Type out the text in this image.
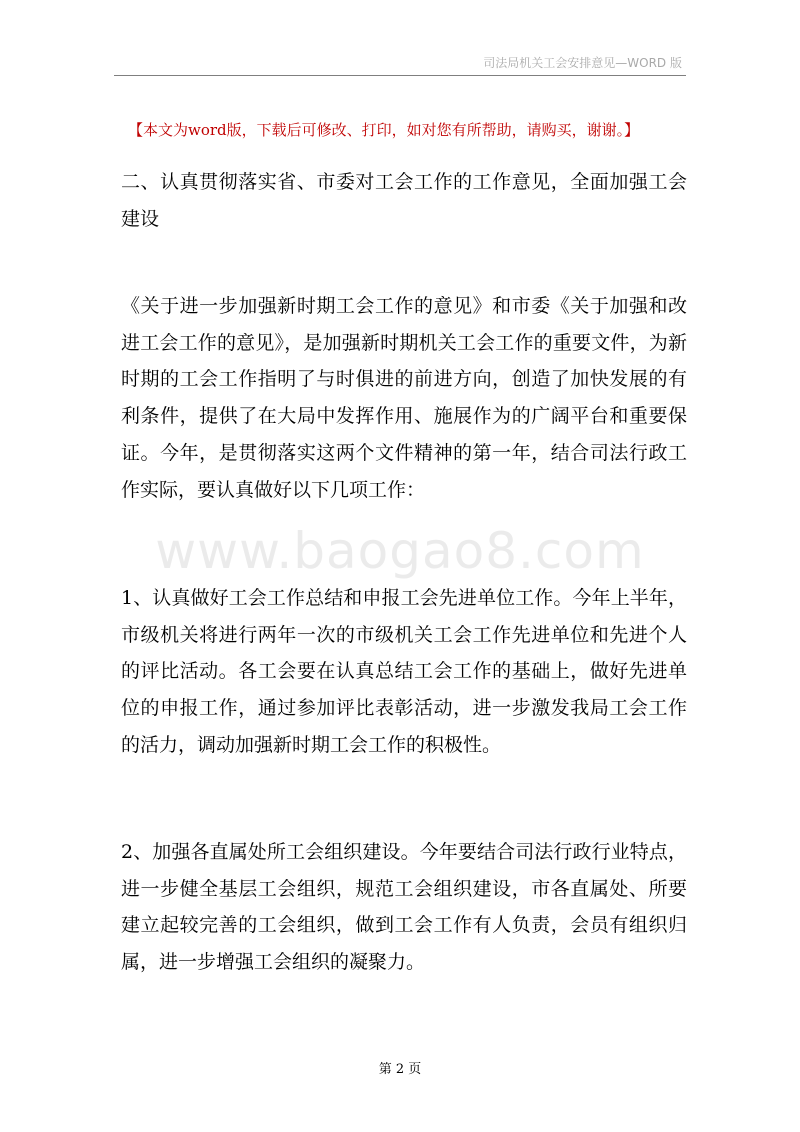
司法局机关工会安排意见—WORD 版
【本文为word版，下载后可修改、打印，如对您有所帮助，请购买，谢谢。】

二、认真贯彻落实省、市委对工会工作的工作意见，全面加强工会建设

《关于进一步加强新时期工会工作的意见》和市委《关于加强和改进工会工作的意见》，是加强新时期机关工会工作的重要文件，为新时期的工会工作指明了与时俱进的前进方向，创造了加快发展的有利条件，提供了在大局中发挥作用、施展作为的广阔平台和重要保证。今年，是贯彻落实这两个文件精神的第一年，结合司法行政工作实际，要认真做好以下几项工作：

www.baogao8.com

1、认真做好工会工作总结和申报工会先进单位工作。今年上半年，市级机关将进行两年一次的市级机关工会工作先进单位和先进个人的评比活动。各工会要在认真总结工会工作的基础上，做好先进单位的申报工作，通过参加评比表彰活动，进一步激发我局工会工作的活力，调动加强新时期工会工作的积极性。

2、加强各直属处所工会组织建设。今年要结合司法行政行业特点，进一步健全基层工会组织，规范工会组织建设，市各直属处、所要建立起较完善的工会组织，做到工会工作有人负责，会员有组织归属，进一步增强工会组织的凝聚力。

第 2 页
